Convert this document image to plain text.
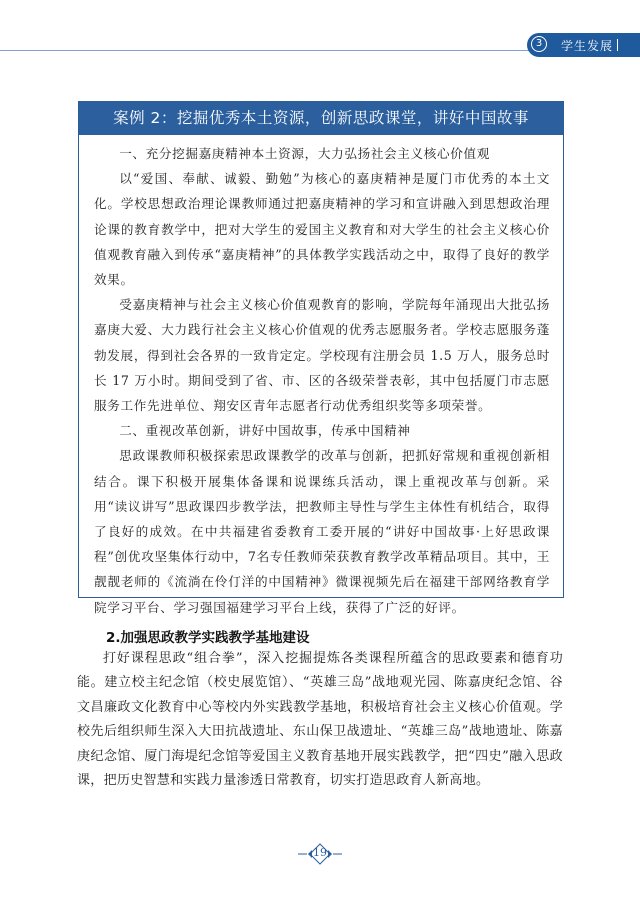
3	学生发展
案例 2：挖掘优秀本土资源，创新思政课堂，讲好中国故事

一、充分挖掘嘉庚精神本土资源，大力弘扬社会主义核心价值观

以“爱国、奉献、诚毅、勤勉”为核心的嘉庚精神是厦门市优秀的本土文化。学校思想政治理论课教师通过把嘉庚精神的学习和宣讲融入到思想政治理论课的教育教学中，把对大学生的爱国主义教育和对大学生的社会主义核心价值观教育融入到传承“嘉庚精神”的具体教学实践活动之中，取得了良好的教学效果。

受嘉庚精神与社会主义核心价值观教育的影响，学院每年涌现出大批弘扬嘉庚大爱、大力践行社会主义核心价值观的优秀志愿服务者。学校志愿服务蓬勃发展，得到社会各界的一致肯定定。学校现有注册会员 1.5 万人，服务总时长 17 万小时。期间受到了省、市、区的各级荣誉表彰，其中包括厦门市志愿服务工作先进单位、翔安区青年志愿者行动优秀组织奖等多项荣誉。

二、重视改革创新，讲好中国故事，传承中国精神

思政课教师积极探索思政课教学的改革与创新，把抓好常规和重视创新相结合。课下积极开展集体备课和说课练兵活动，课上重视改革与创新。采用“读议讲写”思政课四步教学法，把教师主导性与学生主体性有机结合，取得了良好的成效。在中共福建省委教育工委开展的“讲好中国故事·上好思政课程”创优攻坚集体行动中，7名专任教师荣获教育教学改革精品项目。其中，王靓靓老师的《流淌在伶仃洋的中国精神》微课视频先后在福建干部网络教育学院学习平台、学习强国福建学习平台上线，获得了广泛的好评。

2.加强思政教学实践教学基地建设

打好课程思政“组合拳”，深入挖掘提炼各类课程所蕴含的思政要素和德育功能。建立校主纪念馆（校史展览馆）、“英雄三岛”战地观光园、陈嘉庚纪念馆、谷文昌廉政文化教育中心等校内外实践教学基地，积极培育社会主义核心价值观。学校先后组织师生深入大田抗战遗址、东山保卫战遗址、“英雄三岛”战地遗址、陈嘉庚纪念馆、厦门海堤纪念馆等爱国主义教育基地开展实践教学，把“四史”融入思政课，把历史智慧和实践力量渗透日常教育，切实打造思政育人新高地。

19
